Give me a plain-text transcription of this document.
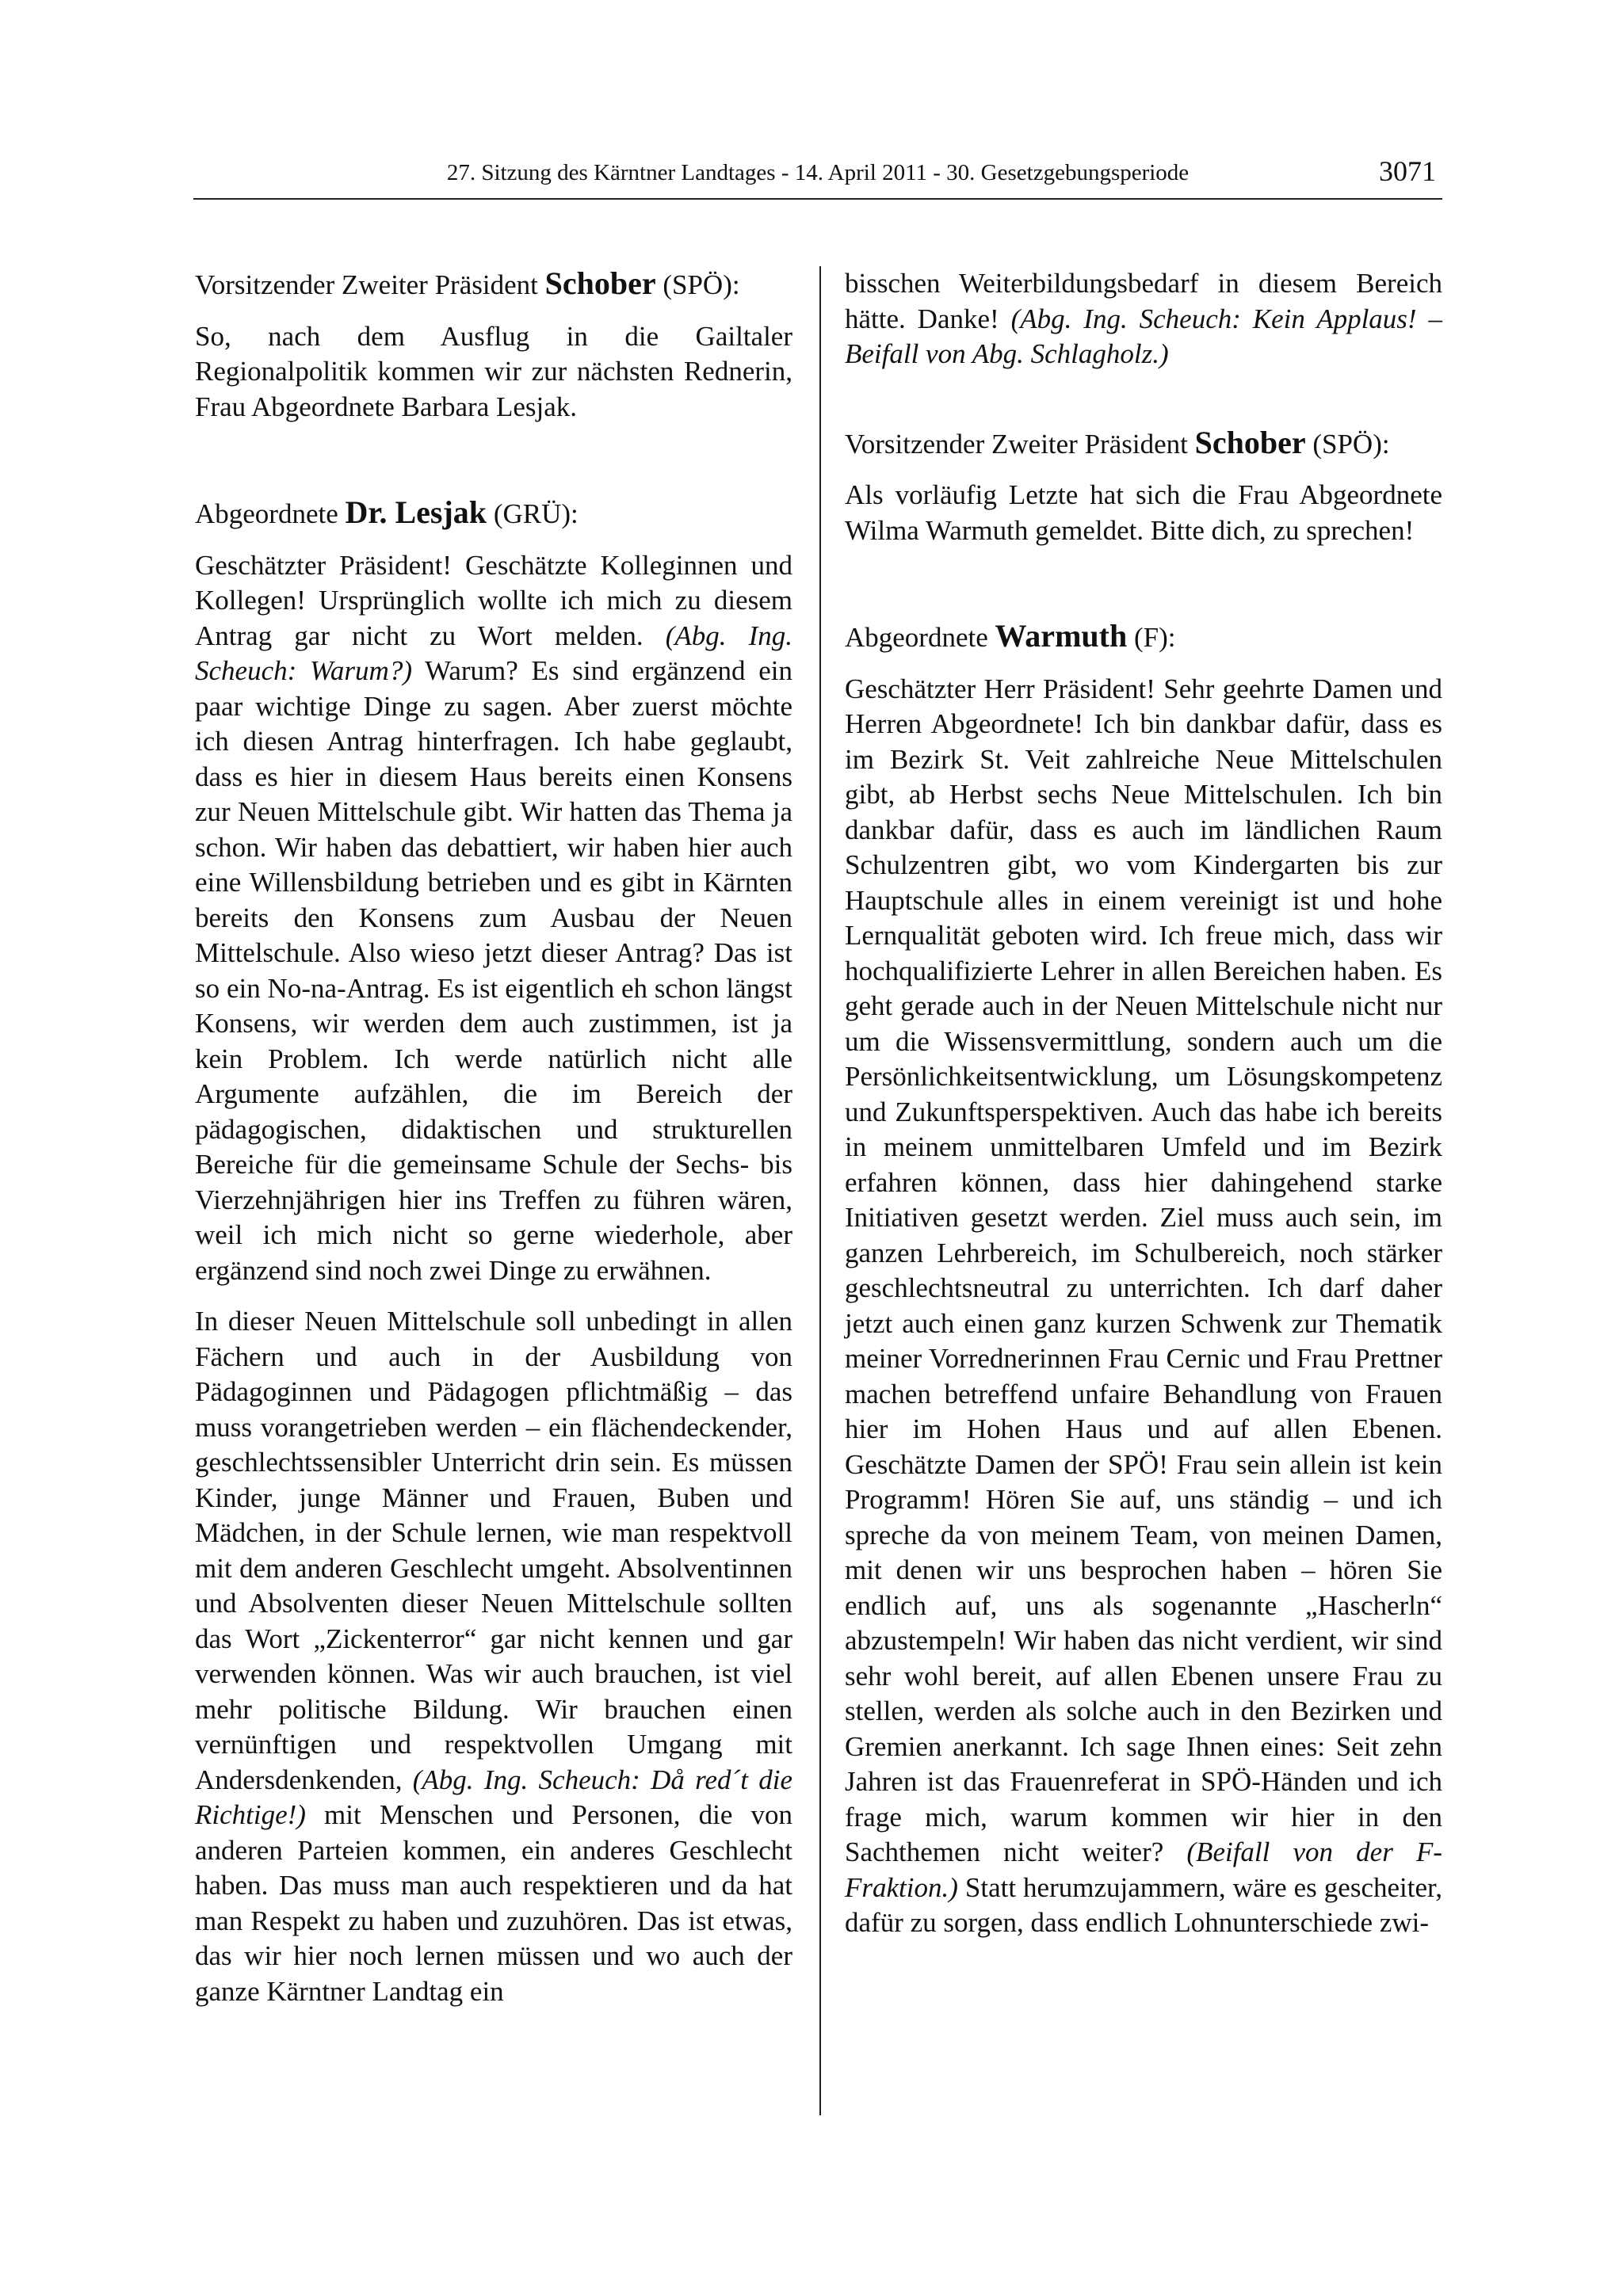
27. Sitzung des Kärntner Landtages - 14. April 2011 - 30. Gesetzgebungsperiode	3071

Vorsitzender Zweiter Präsident Schober (SPÖ):

So, nach dem Ausflug in die Gailtaler Regionalpolitik kommen wir zur nächsten Rednerin, Frau Abgeordnete Barbara Lesjak.

Abgeordnete Dr. Lesjak (GRÜ):

Geschätzter Präsident! Geschätzte Kolleginnen und Kollegen! Ursprünglich wollte ich mich zu diesem Antrag gar nicht zu Wort melden. (Abg. Ing. Scheuch: Warum?) Warum? Es sind ergänzend ein paar wichtige Dinge zu sagen. Aber zuerst möchte ich diesen Antrag hinterfragen. Ich habe geglaubt, dass es hier in diesem Haus bereits einen Konsens zur Neuen Mittelschule gibt. Wir hatten das Thema ja schon. Wir haben das debattiert, wir haben hier auch eine Willensbildung betrieben und es gibt in Kärnten bereits den Konsens zum Ausbau der Neuen Mittelschule. Also wieso jetzt dieser Antrag? Das ist so ein No-na-Antrag. Es ist eigentlich eh schon längst Konsens, wir werden dem auch zustimmen, ist ja kein Problem. Ich werde natürlich nicht alle Argumente aufzählen, die im Bereich der pädagogischen, didaktischen und strukturellen Bereiche für die gemeinsame Schule der Sechs- bis Vierzehnjährigen hier ins Treffen zu führen wären, weil ich mich nicht so gerne wiederhole, aber ergänzend sind noch zwei Dinge zu erwähnen.

In dieser Neuen Mittelschule soll unbedingt in allen Fächern und auch in der Ausbildung von Pädagoginnen und Pädagogen pflichtmäßig – das muss vorangetrieben werden – ein flächendeckender, geschlechtssensibler Unterricht drin sein. Es müssen Kinder, junge Männer und Frauen, Buben und Mädchen, in der Schule lernen, wie man respektvoll mit dem anderen Geschlecht umgeht. Absolventinnen und Absolventen dieser Neuen Mittelschule sollten das Wort „Zickenterror“ gar nicht kennen und gar verwenden können. Was wir auch brauchen, ist viel mehr politische Bildung. Wir brauchen einen vernünftigen und respektvollen Umgang mit Andersdenkenden, (Abg. Ing. Scheuch: Då red´t die Richtige!) mit Menschen und Personen, die von anderen Parteien kommen, ein anderes Geschlecht haben. Das muss man auch respektieren und da hat man Respekt zu haben und zuzuhören. Das ist etwas, das wir hier noch lernen müssen und wo auch der ganze Kärntner Landtag ein

bisschen Weiterbildungsbedarf in diesem Bereich hätte. Danke! (Abg. Ing. Scheuch: Kein Applaus! – Beifall von Abg. Schlagholz.)

Vorsitzender Zweiter Präsident Schober (SPÖ):

Als vorläufig Letzte hat sich die Frau Abgeordnete Wilma Warmuth gemeldet. Bitte dich, zu sprechen!

Abgeordnete Warmuth (F):

Geschätzter Herr Präsident! Sehr geehrte Damen und Herren Abgeordnete! Ich bin dankbar dafür, dass es im Bezirk St. Veit zahlreiche Neue Mittelschulen gibt, ab Herbst sechs Neue Mittelschulen. Ich bin dankbar dafür, dass es auch im ländlichen Raum Schulzentren gibt, wo vom Kindergarten bis zur Hauptschule alles in einem vereinigt ist und hohe Lernqualität geboten wird. Ich freue mich, dass wir hochqualifizierte Lehrer in allen Bereichen haben. Es geht gerade auch in der Neuen Mittelschule nicht nur um die Wissensvermittlung, sondern auch um die Persönlichkeitsentwicklung, um Lösungskompetenz und Zukunftsperspektiven. Auch das habe ich bereits in meinem unmittelbaren Umfeld und im Bezirk erfahren können, dass hier dahingehend starke Initiativen gesetzt werden. Ziel muss auch sein, im ganzen Lehrbereich, im Schulbereich, noch stärker geschlechtsneutral zu unterrichten. Ich darf daher jetzt auch einen ganz kurzen Schwenk zur Thematik meiner Vorrednerinnen Frau Cernic und Frau Prettner machen betreffend unfaire Behandlung von Frauen hier im Hohen Haus und auf allen Ebenen. Geschätzte Damen der SPÖ! Frau sein allein ist kein Programm! Hören Sie auf, uns ständig – und ich spreche da von meinem Team, von meinen Damen, mit denen wir uns besprochen haben – hören Sie endlich auf, uns als sogenannte „Hascherln“ abzustempeln! Wir haben das nicht verdient, wir sind sehr wohl bereit, auf allen Ebenen unsere Frau zu stellen, werden als solche auch in den Bezirken und Gremien anerkannt. Ich sage Ihnen eines: Seit zehn Jahren ist das Frauenreferat in SPÖ-Händen und ich frage mich, warum kommen wir hier in den Sachthemen nicht weiter? (Beifall von der F-Fraktion.) Statt herumzujammern, wäre es gescheiter, dafür zu sorgen, dass endlich Lohnunterschiede zwi-
